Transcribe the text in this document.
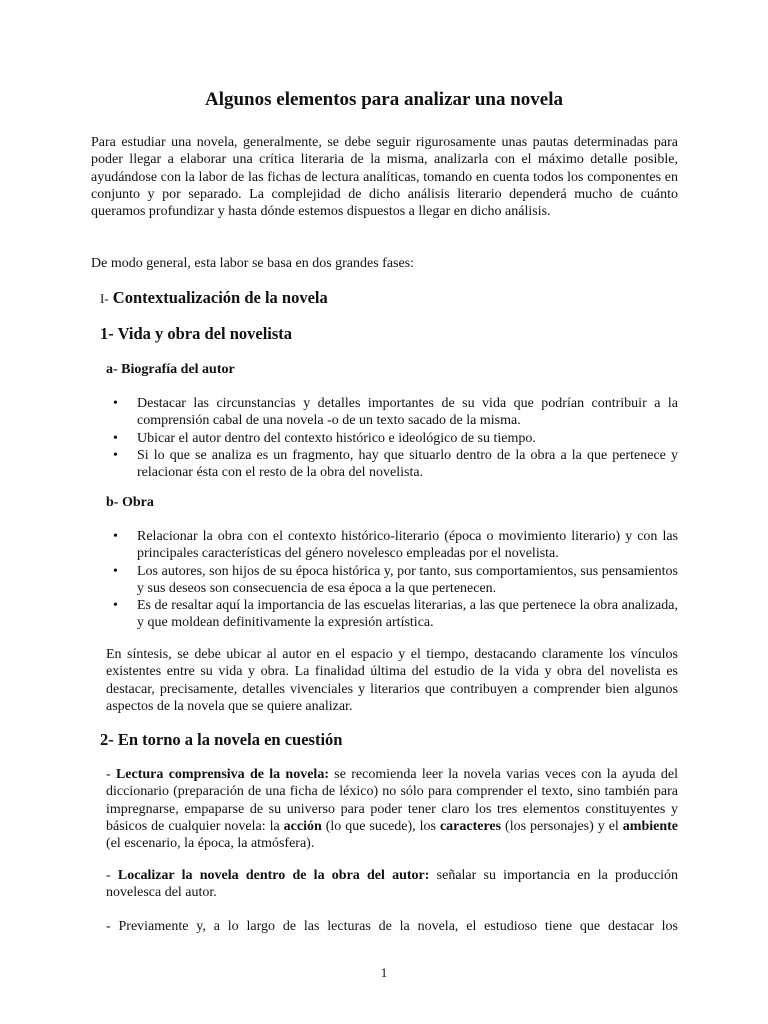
Algunos elementos para analizar una novela

Para estudiar una novela, generalmente, se debe seguir rigurosamente unas pautas determinadas para poder llegar a elaborar una crítica literaria de la misma, analizarla con el máximo detalle posible, ayudándose con la labor de las fichas de lectura analíticas, tomando en cuenta todos los componentes en conjunto y por separado. La complejidad de dicho análisis literario dependerá mucho de cuánto queramos profundizar y hasta dónde estemos dispuestos a llegar en dicho análisis.

De modo general, esta labor se basa en dos grandes fases:

I- Contextualización de la novela

1- Vida y obra del novelista

a- Biografía del autor

• Destacar las circunstancias y detalles importantes de su vida que podrían contribuir a la comprensión cabal de una novela -o de un texto sacado de la misma.
• Ubicar el autor dentro del contexto histórico e ideológico de su tiempo.
• Si lo que se analiza es un fragmento, hay que situarlo dentro de la obra a la que pertenece y relacionar ésta con el resto de la obra del novelista.

b- Obra

• Relacionar la obra con el contexto histórico-literario (época o movimiento literario) y con las principales características del género novelesco empleadas por el novelista.
• Los autores, son hijos de su época histórica y, por tanto, sus comportamientos, sus pensamientos y sus deseos son consecuencia de esa época a la que pertenecen.
• Es de resaltar aquí la importancia de las escuelas literarias, a las que pertenece la obra analizada, y que moldean definitivamente la expresión artística.

En síntesis, se debe ubicar al autor en el espacio y el tiempo, destacando claramente los vínculos existentes entre su vida y obra. La finalidad última del estudio de la vida y obra del novelista es destacar, precisamente, detalles vivenciales y literarios que contribuyen a comprender bien algunos aspectos de la novela que se quiere analizar.

2- En torno a la novela en cuestión

- Lectura comprensiva de la novela: se recomienda leer la novela varias veces con la ayuda del diccionario (preparación de una ficha de léxico) no sólo para comprender el texto, sino también para impregnarse, empaparse de su universo para poder tener claro los tres elementos constituyentes y básicos de cualquier novela: la acción (lo que sucede), los caracteres (los personajes) y el ambiente (el escenario, la época, la atmósfera).

- Localizar la novela dentro de la obra del autor: señalar su importancia en la producción novelesca del autor.

- Previamente y, a lo largo de las lecturas de la novela, el estudioso tiene que destacar los

1
